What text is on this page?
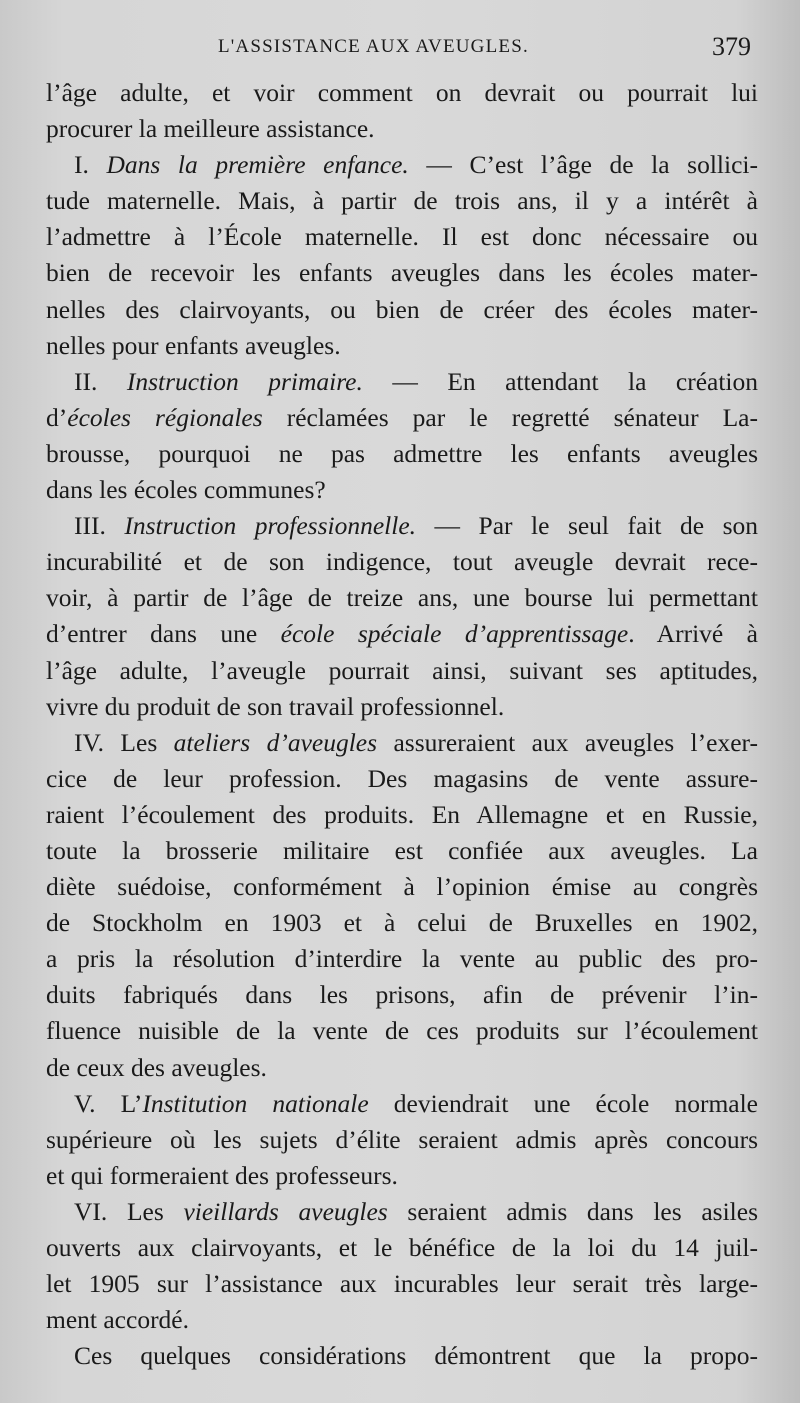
L'ASSISTANCE AUX AVEUGLES.	379
l’âge adulte, et voir comment on devrait ou pourrait lui
procurer la meilleure assistance.
I. Dans la première enfance. — C’est l’âge de la sollici-
tude maternelle. Mais, à partir de trois ans, il y a intérêt à
l’admettre à l’École maternelle. Il est donc nécessaire ou
bien de recevoir les enfants aveugles dans les écoles mater-
nelles des clairvoyants, ou bien de créer des écoles mater-
nelles pour enfants aveugles.
II. Instruction primaire. — En attendant la création
d’écoles régionales réclamées par le regretté sénateur La-
brousse, pourquoi ne pas admettre les enfants aveugles
dans les écoles communes?
III. Instruction professionnelle. — Par le seul fait de son
incurabilité et de son indigence, tout aveugle devrait rece-
voir, à partir de l’âge de treize ans, une bourse lui permettant
d’entrer dans une école spéciale d’apprentissage. Arrivé à
l’âge adulte, l’aveugle pourrait ainsi, suivant ses aptitudes,
vivre du produit de son travail professionnel.
IV. Les ateliers d’aveugles assureraient aux aveugles l’exer-
cice de leur profession. Des magasins de vente assure-
raient l’écoulement des produits. En Allemagne et en Russie,
toute la brosserie militaire est confiée aux aveugles. La
diète suédoise, conformément à l’opinion émise au congrès
de Stockholm en 1903 et à celui de Bruxelles en 1902,
a pris la résolution d’interdire la vente au public des pro-
duits fabriqués dans les prisons, afin de prévenir l’in-
fluence nuisible de la vente de ces produits sur l’écoulement
de ceux des aveugles.
V. L’Institution nationale deviendrait une école normale
supérieure où les sujets d’élite seraient admis après concours
et qui formeraient des professeurs.
VI. Les vieillards aveugles seraient admis dans les asiles
ouverts aux clairvoyants, et le bénéfice de la loi du 14 juil-
let 1905 sur l’assistance aux incurables leur serait très large-
ment accordé.
Ces quelques considérations démontrent que la propo-
